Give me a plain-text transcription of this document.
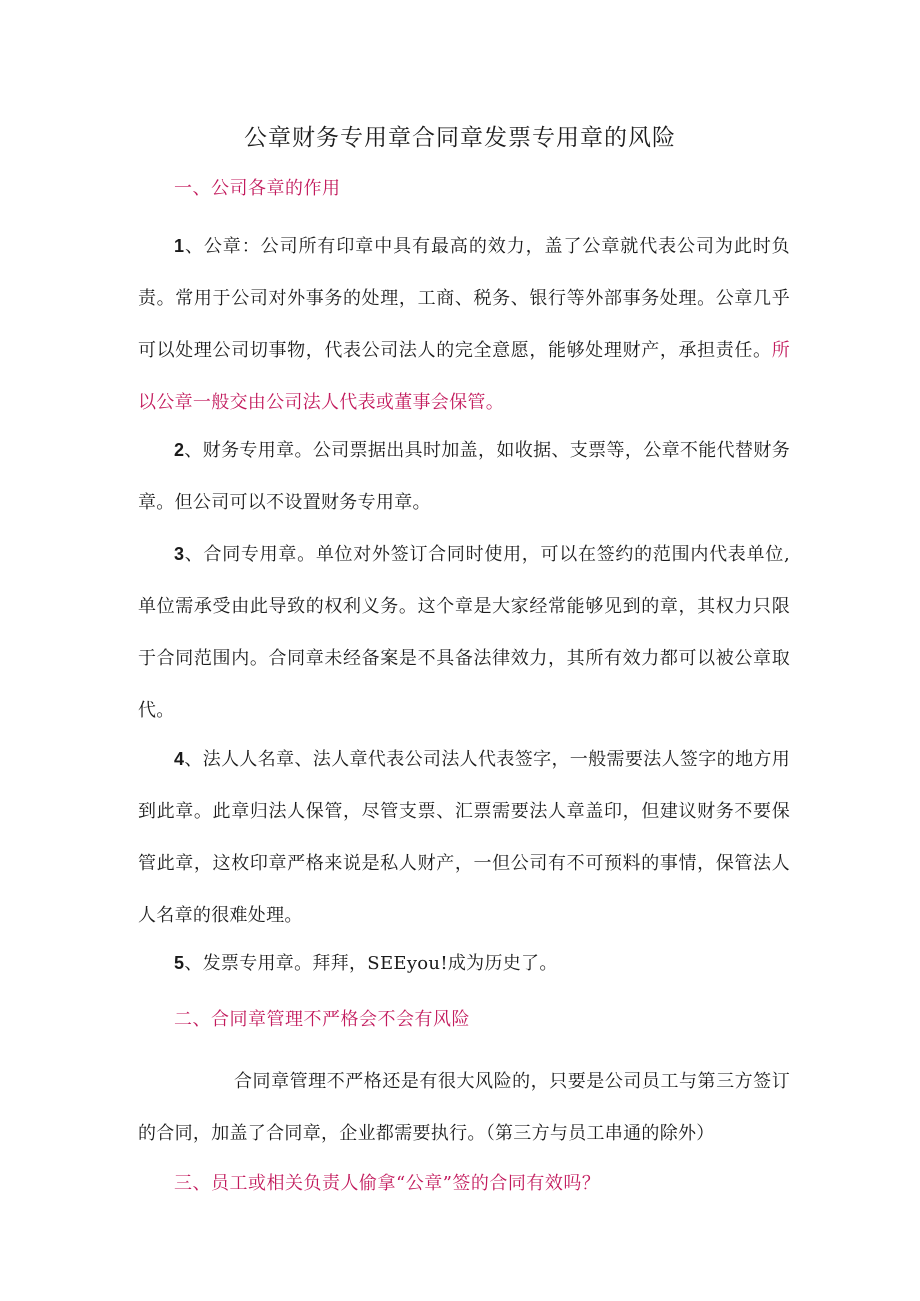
公章财务专用章合同章发票专用章的风险
一、公司各章的作用
1、公章：公司所有印章中具有最高的效力，盖了公章就代表公司为此时负责。常用于公司对外事务的处理，工商、税务、银行等外部事务处理。公章几乎可以处理公司切事物，代表公司法人的完全意愿，能够处理财产，承担责任。所以公章一般交由公司法人代表或董事会保管。
2、财务专用章。公司票据出具时加盖，如收据、支票等，公章不能代替财务章。但公司可以不设置财务专用章。
3、合同专用章。单位对外签订合同时使用，可以在签约的范围内代表单位,单位需承受由此导致的权利义务。这个章是大家经常能够见到的章，其权力只限于合同范围内。合同章未经备案是不具备法律效力，其所有效力都可以被公章取代。
4、法人人名章、法人章代表公司法人代表签字，一般需要法人签字的地方用到此章。此章归法人保管，尽管支票、汇票需要法人章盖印，但建议财务不要保管此章，这枚印章严格来说是私人财产，一但公司有不可预料的事情，保管法人人名章的很难处理。
5、发票专用章。拜拜，SEEyou!成为历史了。
二、合同章管理不严格会不会有风险
合同章管理不严格还是有很大风险的，只要是公司员工与第三方签订的合同，加盖了合同章，企业都需要执行。（第三方与员工串通的除外）
三、员工或相关负责人偷拿“公章”签的合同有效吗？
